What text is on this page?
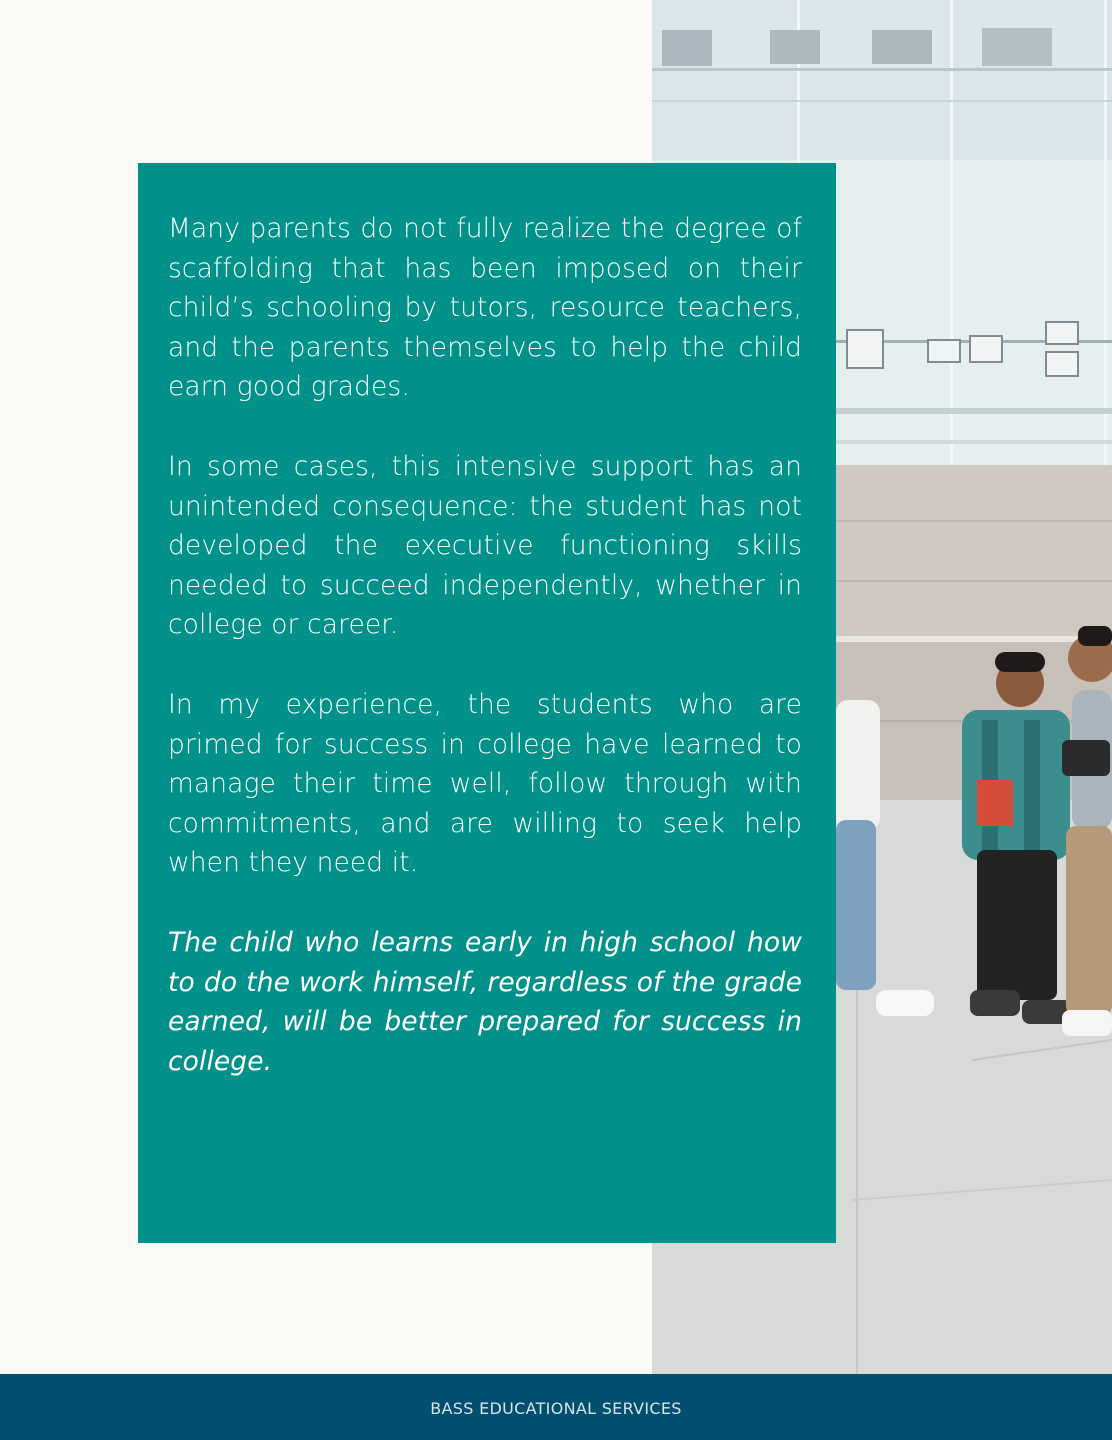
Many parents do not fully realize the degree of scaffolding that has been imposed on their child’s schooling by tutors, resource teachers, and the parents themselves to help the child earn good grades.

In some cases, this intensive support has an unintended consequence: the student has not developed the executive functioning skills needed to succeed independently, whether in college or career.

In my experience, the students who are primed for success in college have learned to manage their time well, follow through with commitments, and are willing to seek help when they need it.

The child who learns early in high school how to do the work himself, regardless of the grade earned, will be better prepared for success in college.

BASS EDUCATIONAL SERVICES
